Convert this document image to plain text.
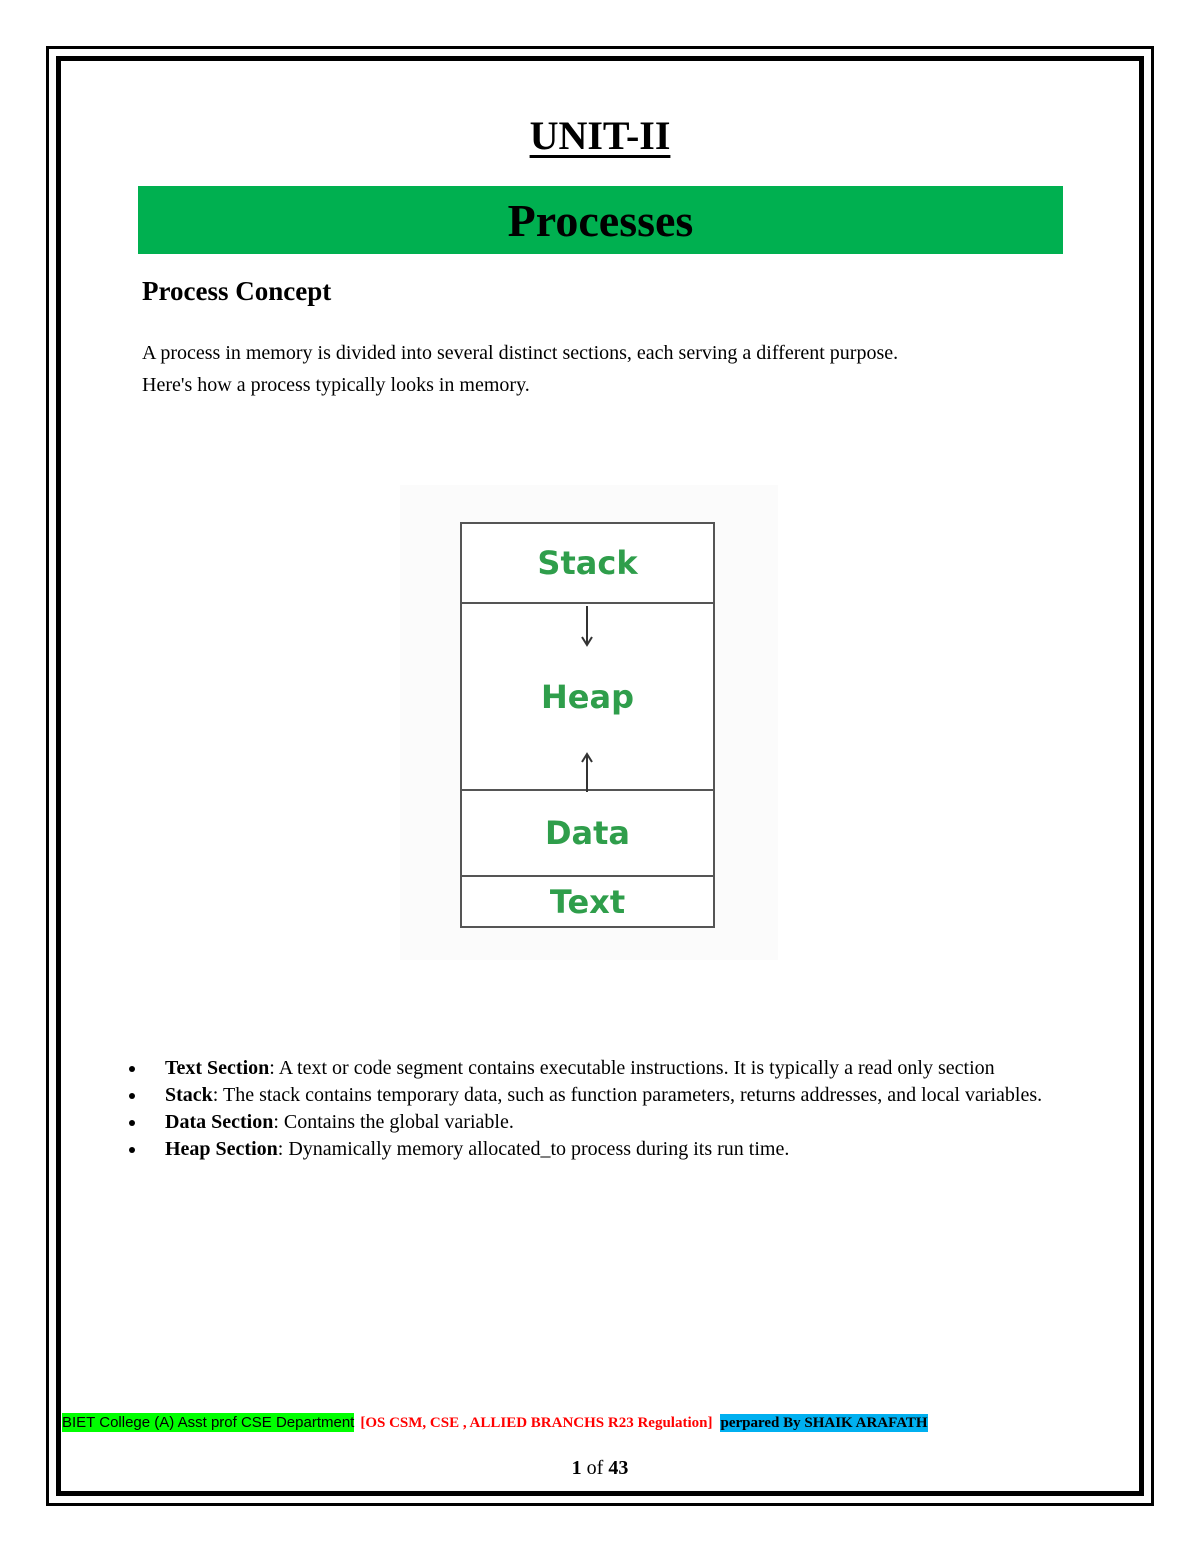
UNIT-II
Processes
Process Concept

A process in memory is divided into several distinct sections, each serving a different purpose.

Here's how a process typically looks in memory.

Stack
Heap
Data
Text
Text Section: A text or code segment contains executable instructions. It is typically a read only section
Stack: The stack contains temporary data, such as function parameters, returns addresses, and local variables.
Data Section: Contains the global variable.
Heap Section: Dynamically memory allocated_to process during its run time.
BIET College (A) Asst prof CSE Department [OS CSM, CSE , ALLIED BRANCHS R23 Regulation] perpared By SHAIK ARAFATH
1 of 43
